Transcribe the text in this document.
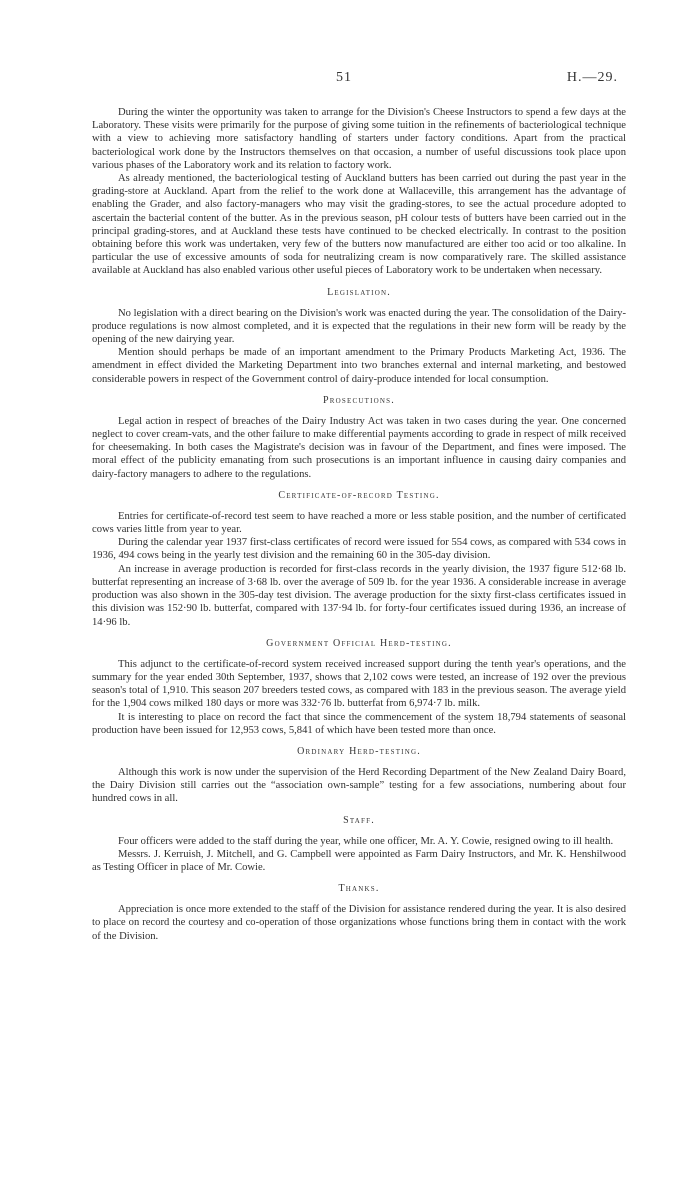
51	H.—29.

During the winter the opportunity was taken to arrange for the Division's Cheese Instructors to spend a few days at the Laboratory. These visits were primarily for the purpose of giving some tuition in the refinements of bacteriological technique with a view to achieving more satisfactory handling of starters under factory conditions. Apart from the practical bacteriological work done by the Instructors themselves on that occasion, a number of useful discussions took place upon various phases of the Laboratory work and its relation to factory work.

As already mentioned, the bacteriological testing of Auckland butters has been carried out during the past year in the grading-store at Auckland. Apart from the relief to the work done at Wallaceville, this arrangement has the advantage of enabling the Grader, and also factory-managers who may visit the grading-stores, to see the actual procedure adopted to ascertain the bacterial content of the butter. As in the previous season, pH colour tests of butters have been carried out in the principal grading-stores, and at Auckland these tests have continued to be checked electrically. In contrast to the position obtaining before this work was undertaken, very few of the butters now manufactured are either too acid or too alkaline. In particular the use of excessive amounts of soda for neutralizing cream is now comparatively rare. The skilled assistance available at Auckland has also enabled various other useful pieces of Laboratory work to be undertaken when necessary.

Legislation.

No legislation with a direct bearing on the Division's work was enacted during the year. The consolidation of the Dairy-produce regulations is now almost completed, and it is expected that the regulations in their new form will be ready by the opening of the new dairying year.

Mention should perhaps be made of an important amendment to the Primary Products Marketing Act, 1936. The amendment in effect divided the Marketing Department into two branches external and internal marketing, and bestowed considerable powers in respect of the Government control of dairy-produce intended for local consumption.

Prosecutions.

Legal action in respect of breaches of the Dairy Industry Act was taken in two cases during the year. One concerned neglect to cover cream-vats, and the other failure to make differential payments according to grade in respect of milk received for cheesemaking. In both cases the Magistrate's decision was in favour of the Department, and fines were imposed. The moral effect of the publicity emanating from such prosecutions is an important influence in causing dairy companies and dairy-factory managers to adhere to the regulations.

Certificate-of-record Testing.

Entries for certificate-of-record test seem to have reached a more or less stable position, and the number of certificated cows varies little from year to year.

During the calendar year 1937 first-class certificates of record were issued for 554 cows, as compared with 534 cows in 1936, 494 cows being in the yearly test division and the remaining 60 in the 305-day division.

An increase in average production is recorded for first-class records in the yearly division, the 1937 figure 512·68 lb. butterfat representing an increase of 3·68 lb. over the average of 509 lb. for the year 1936. A considerable increase in average production was also shown in the 305-day test division. The average production for the sixty first-class certificates issued in this division was 152·90 lb. butterfat, compared with 137·94 lb. for forty-four certificates issued during 1936, an increase of 14·96 lb.

Government Official Herd-testing.

This adjunct to the certificate-of-record system received increased support during the tenth year's operations, and the summary for the year ended 30th September, 1937, shows that 2,102 cows were tested, an increase of 192 over the previous season's total of 1,910. This season 207 breeders tested cows, as compared with 183 in the previous season. The average yield for the 1,904 cows milked 180 days or more was 332·76 lb. butterfat from 6,974·7 lb. milk.

It is interesting to place on record the fact that since the commencement of the system 18,794 statements of seasonal production have been issued for 12,953 cows, 5,841 of which have been tested more than once.

Ordinary Herd-testing.

Although this work is now under the supervision of the Herd Recording Department of the New Zealand Dairy Board, the Dairy Division still carries out the “association own-sample” testing for a few associations, numbering about four hundred cows in all.

Staff.

Four officers were added to the staff during the year, while one officer, Mr. A. Y. Cowie, resigned owing to ill health.

Messrs. J. Kerruish, J. Mitchell, and G. Campbell were appointed as Farm Dairy Instructors, and Mr. K. Henshilwood as Testing Officer in place of Mr. Cowie.

Thanks.

Appreciation is once more extended to the staff of the Division for assistance rendered during the year. It is also desired to place on record the courtesy and co-operation of those organizations whose functions bring them in contact with the work of the Division.
